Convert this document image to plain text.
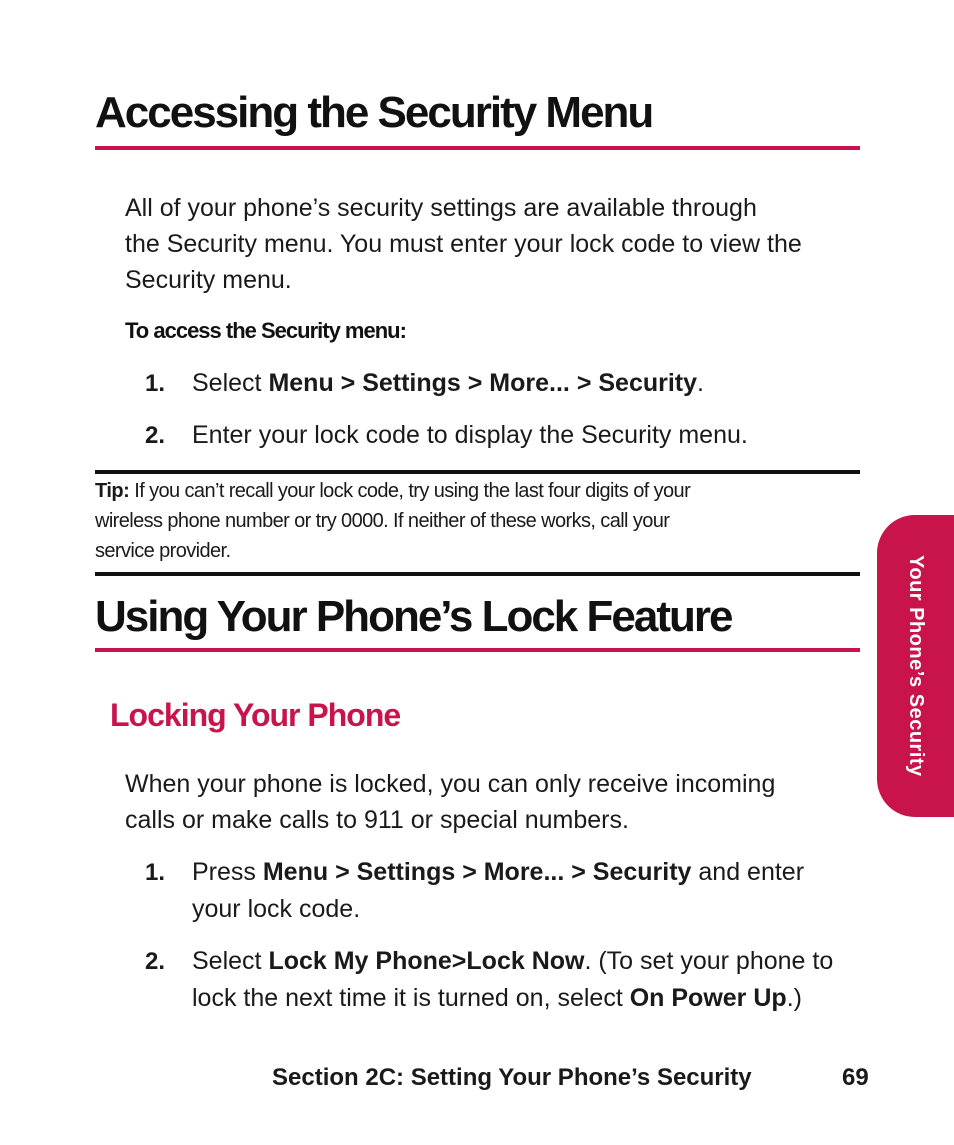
Accessing the Security Menu
All of your phone’s security settings are available through
the Security menu. You must enter your lock code to view the
Security menu.
To access the Security menu:
1. Select Menu > Settings > More... > Security.
2. Enter your lock code to display the Security menu.
Tip: If you can’t recall your lock code, try using the last four digits of your
wireless phone number or try 0000. If neither of these works, call your
service provider.
Using Your Phone’s Lock Feature
Locking Your Phone
When your phone is locked, you can only receive incoming
calls or make calls to 911 or special numbers.
1. Press Menu > Settings > More... > Security and enter
your lock code.
2. Select Lock My Phone>Lock Now. (To set your phone to
lock the next time it is turned on, select On Power Up.)
Your Phone’s Security
Section 2C: Setting Your Phone’s Security	69
